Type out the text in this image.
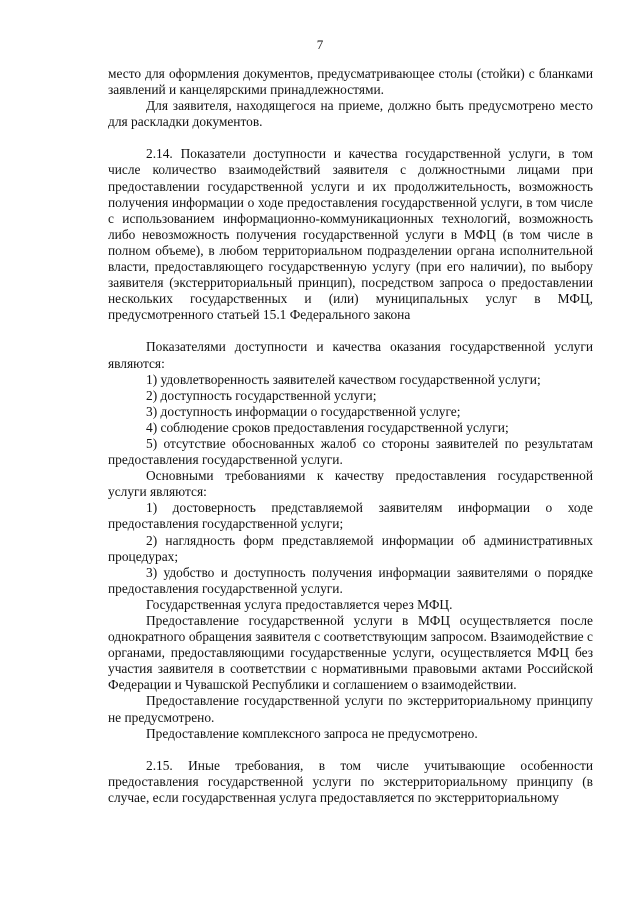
7

место для оформления документов, предусматривающее столы (стойки) с бланками заявлений и канцелярскими принадлежностями.

Для заявителя, находящегося на приеме, должно быть предусмотрено место для раскладки документов.

2.14. Показатели доступности и качества государственной услуги, в том числе количество взаимодействий заявителя с должностными лицами при предоставлении государственной услуги и их продолжительность, возможность получения информации о ходе предоставления государственной услуги, в том числе с использованием информационно-коммуникационных технологий, возможность либо невозможность получения государственной услуги в МФЦ (в том числе в полном объеме), в любом территориальном подразделении органа исполнительной власти, предоставляющего государственную услугу (при его наличии), по выбору заявителя (экстерриториальный принцип), посредством запроса о предоставлении нескольких государственных и (или) муниципальных услуг в МФЦ, предусмотренного статьей 15.1 Федерального закона

Показателями доступности и качества оказания государственной услуги являются:

1) удовлетворенность заявителей качеством государственной услуги;

2) доступность государственной услуги;

3) доступность информации о государственной услуге;

4) соблюдение сроков предоставления государственной услуги;

5) отсутствие обоснованных жалоб со стороны заявителей по результатам предоставления государственной услуги.

Основными требованиями к качеству предоставления государственной услуги являются:

1) достоверность представляемой заявителям информации о ходе предоставления государственной услуги;

2) наглядность форм представляемой информации об административных процедурах;

3) удобство и доступность получения информации заявителями о порядке предоставления государственной услуги.

Государственная услуга предоставляется через МФЦ.

Предоставление государственной услуги в МФЦ осуществляется после однократного обращения заявителя с соответствующим запросом. Взаимодействие с органами, предоставляющими государственные услуги, осуществляется МФЦ без участия заявителя в соответствии с нормативными правовыми актами Российской Федерации и Чувашской Республики и соглашением о взаимодействии.

Предоставление государственной услуги по экстерриториальному принципу не предусмотрено.

Предоставление комплексного запроса не предусмотрено.

2.15. Иные требования, в том числе учитывающие особенности предоставления государственной услуги по экстерриториальному принципу (в случае, если государственная услуга предоставляется по экстерриториальному
